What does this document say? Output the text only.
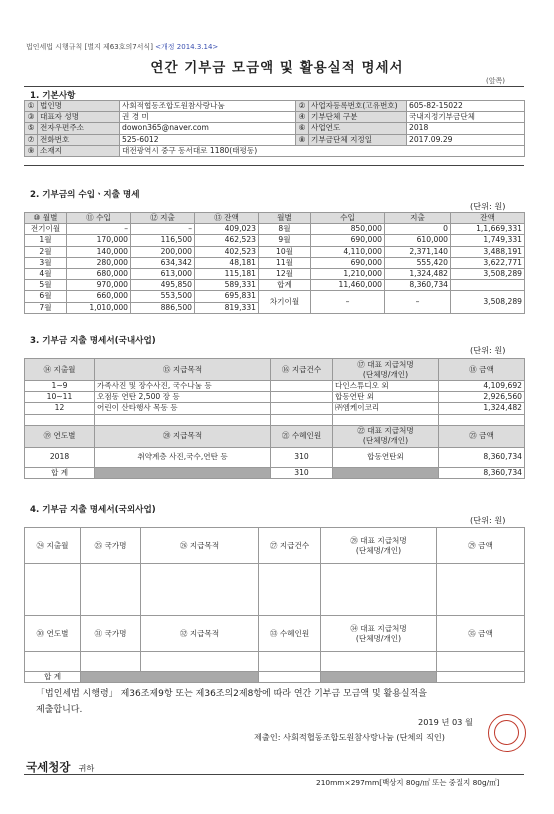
법인세법 시행규칙 [별지 제63호의7서식] <개정 2014.3.14>
연간 기부금 모금액 및 활용실적 명세서
(앞쪽)
1. 기본사항
①	법인명	사회적협동조합도원참사랑나눔	②	사업자등록번호(고유번호)	605-82-15022
③	대표자 성명	권 경 미	④	기부단체 구분	국내지정기부금단체
⑤	전자우편주소	dowon365@naver.com	⑥	사업연도	2018
⑦	전화번호	525-6012	⑧	기부금단체 지정일	2017.09.29
⑨	소재지	대전광역시 중구 동서대로 1180(태평동)			
2. 기부금의 수입ㆍ지출 명세
(단위: 원)
⑩ 월별	⑪ 수입	⑫ 지출	⑬ 잔액	월별	수입	지출	잔액
전기이월	–	–	409,023	8월	850,000	0	1,1,669,331
1월	170,000	116,500	462,523	9월	690,000	610,000	1,749,331
2월	140,000	200,000	402,523	10월	4,110,000	2,371,140	3,488,191
3월	280,000	634,342	48,181	11월	690,000	555,420	3,622,771
4월	680,000	613,000	115,181	12월	1,210,000	1,324,482	3,508,289
5월	970,000	495,850	589,331	합계	11,460,000	8,360,734	
6월	660,000	553,500	695,831	차기이월	–	–	3,508,289
7월	1,010,000	886,500	819,331				
3. 기부금 지출 명세서(국내사업)
(단위: 원)
⑭ 지출월	⑮ 지급목적	⑯ 지급건수	⑰ 대표 지급처명
(단체명/개인)	⑱ 금액
1~9	가족사진 및 장수사진, 국수나눔 등		다인스튜디오 외	4,109,692
10~11	오점동 연탄 2,500 장 등		합동연탄 외	2,926,560
12	어린이 산타행사 목동 등		㈜엠케이코리	1,324,482

⑲ 연도별	⑳ 지급목적	㉑ 수혜인원	㉒ 대표 지급처명
(단체명/개인)	㉓ 금액
2018	취약계층 사진,국수,연탄 등	310	합동연탄외	8,360,734
합 계		310		8,360,734
4. 기부금 지출 명세서(국외사업)
(단위: 원)
㉔ 지출월	㉕ 국가명	㉖ 지급목적	㉗ 지급건수	㉘ 대표 지급처명
(단체명/개인)	㉙ 금액

㉚ 연도별	㉛ 국가명	㉜ 지급목적	㉝ 수혜인원	㉞ 대표 지급처명
(단체명/개인)	㉟ 금액

합 계					
「법인세법 시행령」 제36조제9항 또는 제36조의2제8항에 따라 연간 기부금 모금액 및 활용실적을
제출합니다.
2019 년 03 월
제출인: 사회적협동조합도원참사랑나눔 (단체의 직인)
국세청장 귀하
210mm×297mm[백상지 80g/㎡ 또는 중질지 80g/㎡]
